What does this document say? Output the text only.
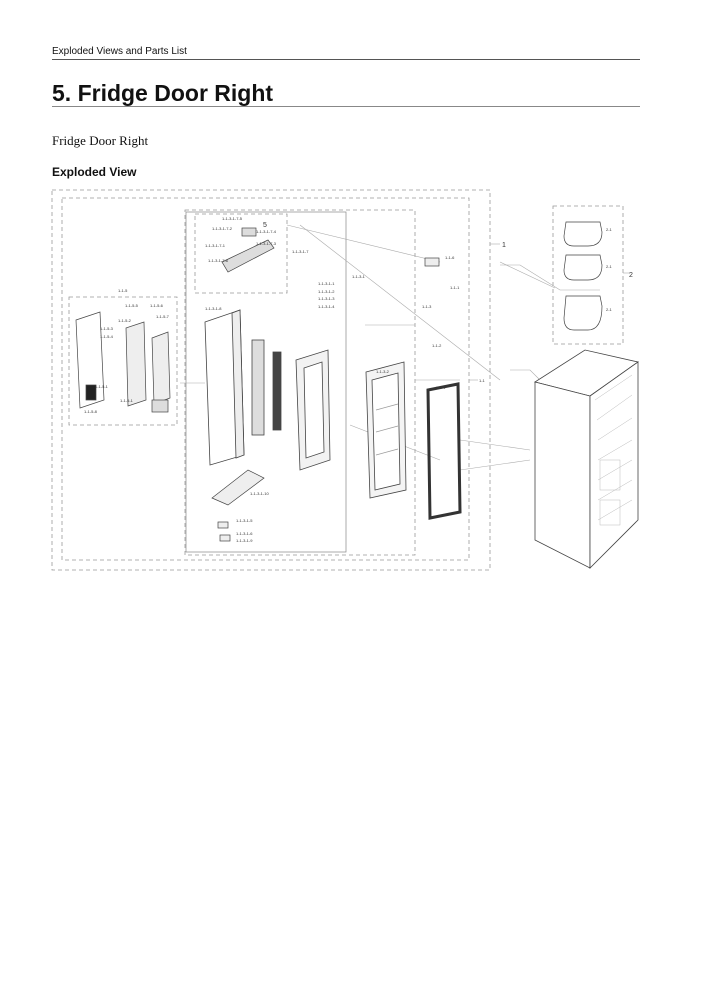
Exploded Views and Parts List
5. Fridge Door Right
Fridge Door Right
Exploded View
1
2
1-1
2-1
2-1
2-1
1-1-5
1-1-5-6
1-1-5-5
1-1-5-7
1-1-5-2
1-1-5-3
1-1-5-4
1-1-5-1
1-1-5-1
1-1-5-8
1-1-3-1-7-5
1-1-3-1-7-2
1-1-3-1-7-4
1-1-3-1-7-3
1-1-3-1-7-1
1-1-3-1-7-6
1-1-3-1-7
5
1-1-3-1-8
1-1-3-1
1-1-3-1-1
1-1-3-1-2
1-1-3-1-3
1-1-3-1-4	1-1-3
1-1-6
1-1-1
1-1-2
1-1-3-2
1-1-4
1-1-3-1-10
1-1-3-1-5
1-1-3-1-6
1-1-3-1-9
